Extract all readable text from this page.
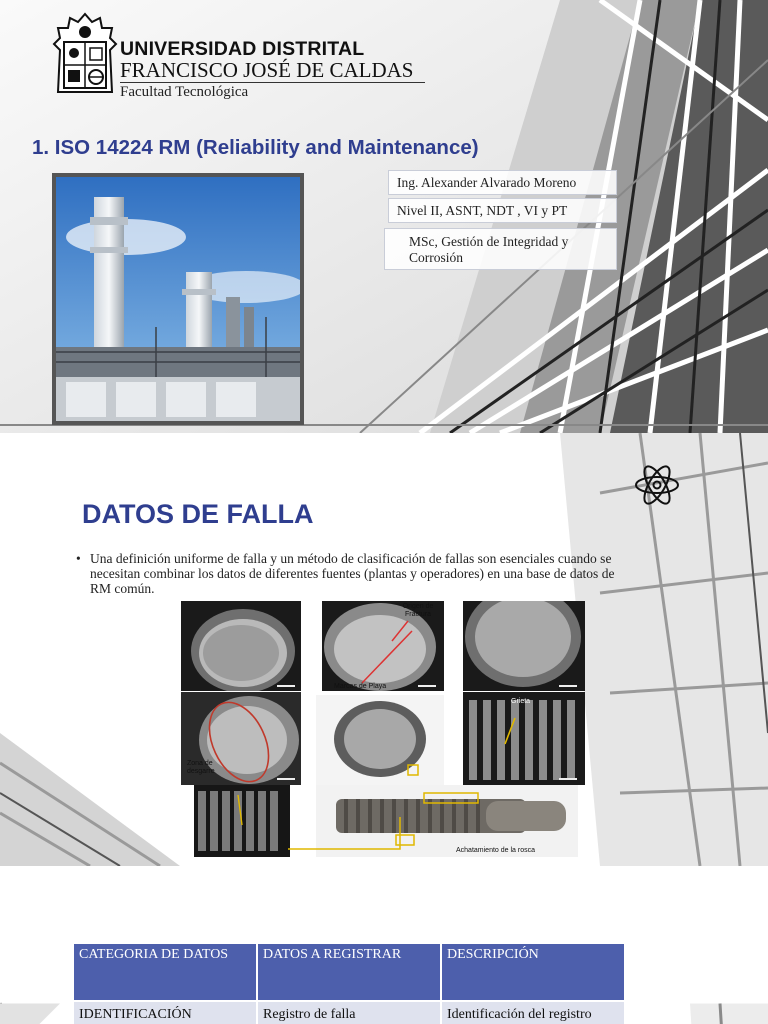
UNIVERSIDAD DISTRITAL
FRANCISCO JOSÉ DE CALDAS
Facultad Tecnológica
1. ISO 14224 RM (Reliability and Maintenance)
Ing. Alexander Alvarado Moreno
Nivel II, ASNT, NDT , VI y PT
MSc, Gestión de Integridad y Corrosión
DATOS DE FALLA
• Una definición uniforme de falla y un método de clasificación de fallas son esenciales cuando se necesitan combinar los datos de diferentes fuentes (plantas y operadores) en una base de datos de RM común.
Origen de Fractura
Marcas de Playa
Zona de desgarre
Grieta
Achatamiento de la rosca
CATEGORIA DE DATOS	DATOS A REGISTRAR	DESCRIPCIÓN
IDENTIFICACIÓN	Registro de falla	Identificación del registro
